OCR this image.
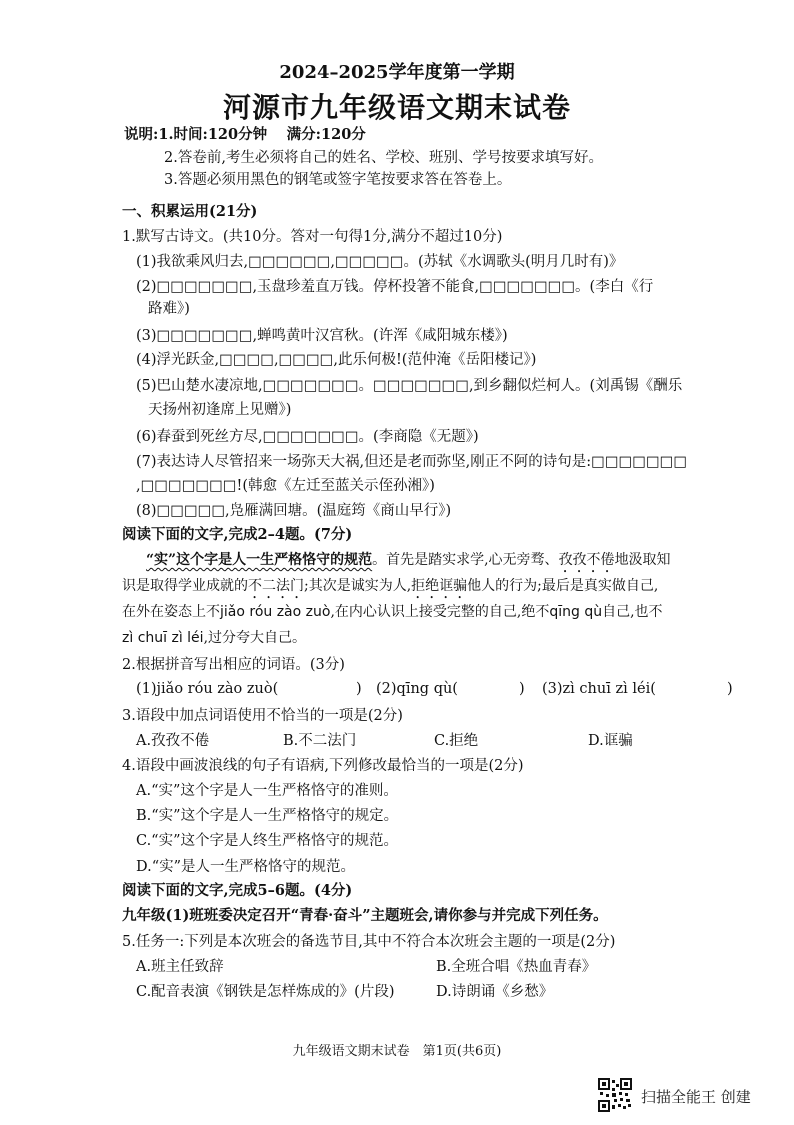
2024–2025学年度第一学期
河源市九年级语文期末试卷
说明:1.时间:120分钟　 满分:120分
2.答卷前,考生必须将自己的姓名、学校、班别、学号按要求填写好。
3.答题必须用黑色的钢笔或签字笔按要求答在答卷上。
一、积累运用(21分)
1.默写古诗文。(共10分。答对一句得1分,满分不超过10分)
(1)我欲乘风归去,□□□□□□,□□□□□。(苏轼《水调歌头(明月几时有)》
(2)□□□□□□□,玉盘珍羞直万钱。停杯投箸不能食,□□□□□□□。(李白《行
路难》)
(3)□□□□□□□,蝉鸣黄叶汉宫秋。(许浑《咸阳城东楼》)
(4)浮光跃金,□□□□,□□□□,此乐何极!(范仲淹《岳阳楼记》)
(5)巴山楚水凄凉地,□□□□□□□。□□□□□□□,到乡翻似烂柯人。(刘禹锡《酬乐
天扬州初逢席上见赠》)
(6)春蚕到死丝方尽,□□□□□□□。(李商隐《无题》)
(7)表达诗人尽管招来一场弥天大祸,但还是老而弥坚,刚正不阿的诗句是:□□□□□□□
,□□□□□□□!(韩愈《左迁至蓝关示侄孙湘》)
(8)□□□□□,凫雁满回塘。(温庭筠《商山早行》)
阅读下面的文字,完成2–4题。(7分)
“实”这个字是人一生严格恪守的规范。首先是踏实求学,心无旁骛、孜孜不倦地汲取知
识是取得学业成就的不二法门;其次是诚实为人,拒绝诓骗他人的行为;最后是真实做自己,
在外在姿态上不jiǎo róu zào zuò,在内心认识上接受完整的自己,绝不qīng qù自己,也不
zì chuī zì léi,过分夸大自己。
2.根据拼音写出相应的词语。(3分)
(1)jiǎo róu zào zuò(	) (2)qīng qù(	) (3)zì chuī zì léi(	)
3.语段中加点词语使用不恰当的一项是(2分)
A.孜孜不倦	B.不二法门	C.拒绝	D.诓骗
4.语段中画波浪线的句子有语病,下列修改最恰当的一项是(2分)
A.“实”这个字是人一生严格恪守的准则。
B.“实”这个字是人一生严格恪守的规定。
C.“实”这个字是人终生严格恪守的规范。
D.“实”是人一生严格恪守的规范。
阅读下面的文字,完成5–6题。(4分)
九年级(1)班班委决定召开“青春·奋斗”主题班会,请你参与并完成下列任务。
5.任务一:下列是本次班会的备选节目,其中不符合本次班会主题的一项是(2分)
A.班主任致辞	B.全班合唱《热血青春》
C.配音表演《钢铁是怎样炼成的》(片段)	D.诗朗诵《乡愁》
九年级语文期末试卷　第1页(共6页)
扫描全能王 创建
